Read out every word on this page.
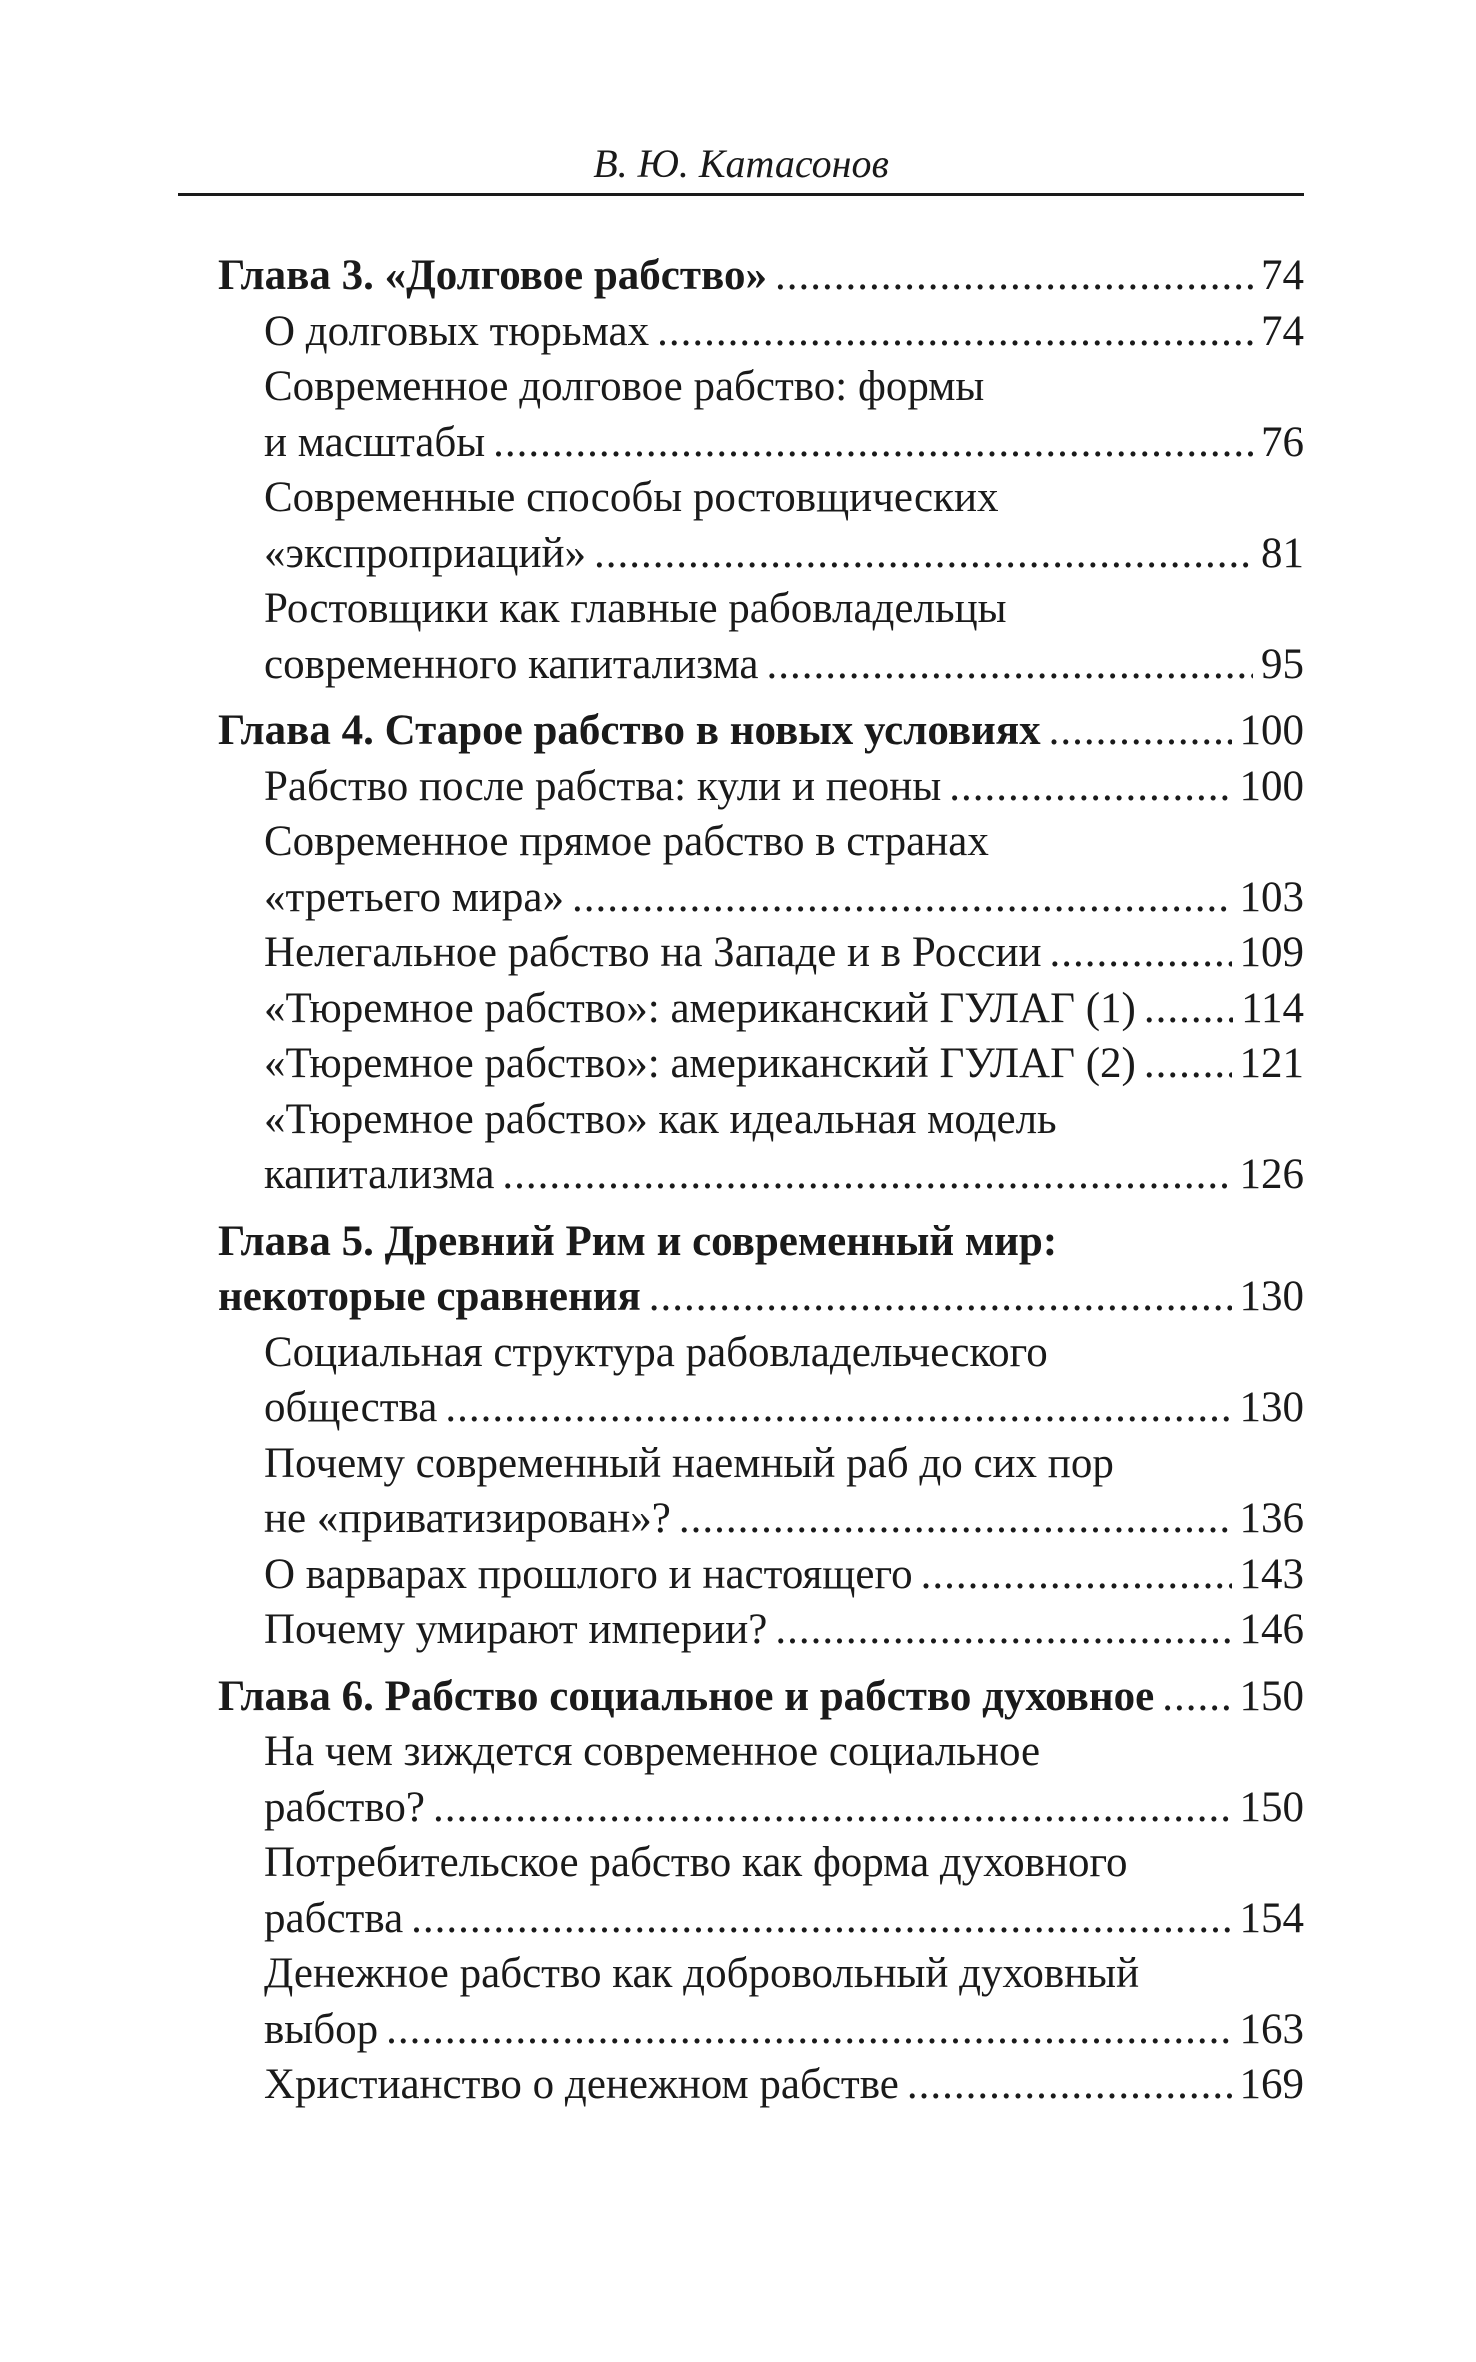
В. Ю. Катасонов
Глава 3. «Долговое рабство» .....	74
О долговых тюрьмах .....	74
Современное долговое рабство: формы
и масштабы .....	76
Современные способы ростовщических
«экспроприаций» .....	81
Ростовщики как главные рабовладельцы
современного капитализма .....	95
Глава 4. Старое рабство в новых условиях .....	100
Рабство после рабства: кули и пеоны .....	100
Современное прямое рабство в странах
«третьего мира» .....	103
Нелегальное рабство на Западе и в России .....	109
«Тюремное рабство»: американский ГУЛАГ (1) ..... 114
«Тюремное рабство»: американский ГУЛАГ (2) ..... 121
«Тюремное рабство» как идеальная модель
капитализма .....	126
Глава 5. Древний Рим и современный мир:
некоторые сравнения .....	130
Социальная структура рабовладельческого
общества .....	130
Почему современный наемный раб до сих пор
не «приватизирован»? .....	136
О варварах прошлого и настоящего .....	143
Почему умирают империи? .....	146
Глава 6. Рабство социальное и рабство духовное ..... 150
На чем зиждется современное социальное
рабство? .....	150
Потребительское рабство как форма духовного
рабства .....	154
Денежное рабство как добровольный духовный
выбор .....	163
Христианство о денежном рабстве .....	169
